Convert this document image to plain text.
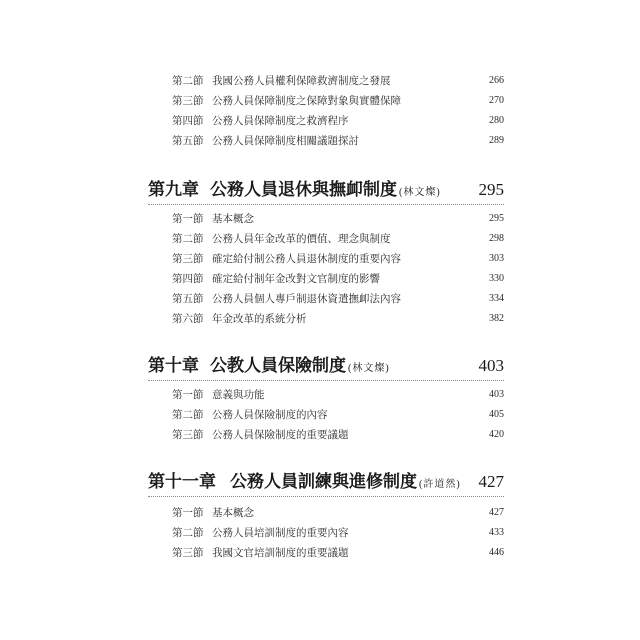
第二節 我國公務人員權利保障救濟制度之發展	266
第三節 公務人員保障制度之保障對象與實體保障	270
第四節 公務人員保障制度之救濟程序	280
第五節 公務人員保障制度相關議題探討	289
第九章 公務人員退休與撫卹制度 (林文燦) 295
第一節 基本概念	295
第二節 公務人員年金改革的價值、理念與制度	298
第三節 確定給付制公務人員退休制度的重要內容	303
第四節 確定給付制年金改對文官制度的影響	330
第五節 公務人員個人專戶制退休資遣撫卹法內容	334
第六節 年金改革的系統分析	382
第十章 公教人員保險制度 (林文燦)	403
第一節 意義與功能	403
第二節 公務人員保險制度的內容	405
第三節 公務人員保險制度的重要議題	420
第十一章 公務人員訓練與進修制度 (許道然) 427
第一節 基本概念	427
第二節 公務人員培訓制度的重要內容	433
第三節 我國文官培訓制度的重要議題	446
